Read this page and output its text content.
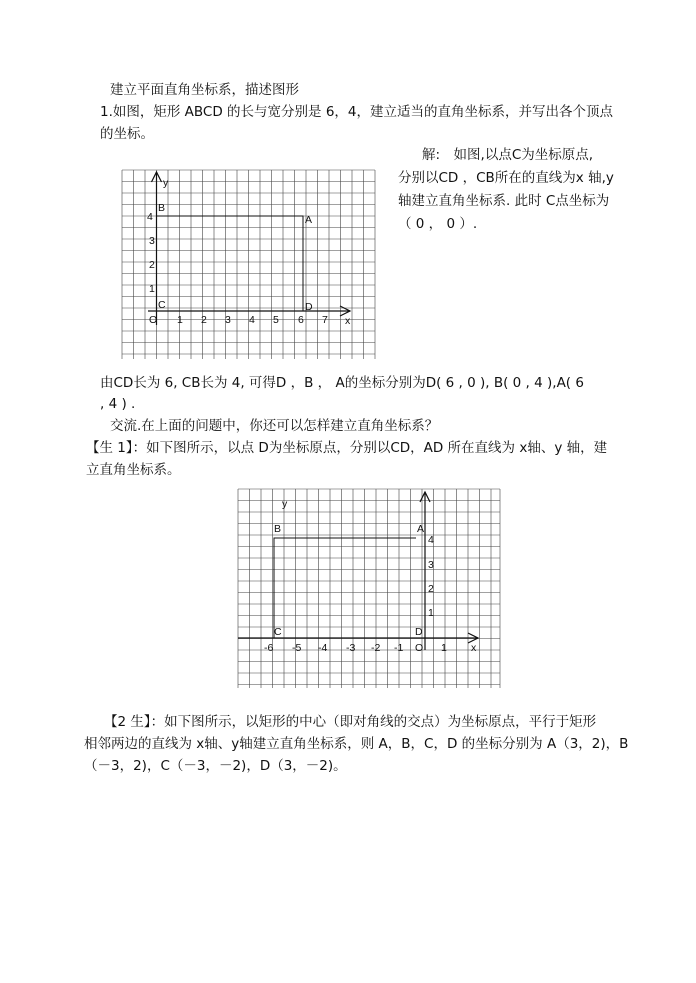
建立平面直角坐标系，描述图形
1.如图，矩形 ABCD 的长与宽分别是 6，4，建立适当的直角坐标系，并写出各个顶点
的坐标。
y
x
B
A
C	D
4
3
2
1
O 1 2 3 4 5 6 7
解:　如图,以点C为坐标原点,
分别以CD ，CB所在的直线为x 轴,y
轴建立直角坐标系. 此时 C点坐标为
（ 0 ， 0 ）.
由CD长为 6, CB长为 4, 可得D ，B ， A的坐标分别为D( 6 , 0 ), B( 0 , 4 ),A( 6
, 4 ) .
交流.在上面的问题中，你还可以怎样建立直角坐标系？
【生 1】：如下图所示，以点 D为坐标原点，分别以CD，AD 所在直线为 x轴、y 轴，建
立直角坐标系。
y
x
B	A
C	D
4
3
2
1
-6 -5 -4 -3 -2 -1 O 1
【2 生】：如下图所示，以矩形的中心（即对角线的交点）为坐标原点，平行于矩形
相邻两边的直线为 x轴、y轴建立直角坐标系，则 A，B，C，D 的坐标分别为 A（3，2)，B
（－3，2)，C（－3，－2)，D（3，－2)。
